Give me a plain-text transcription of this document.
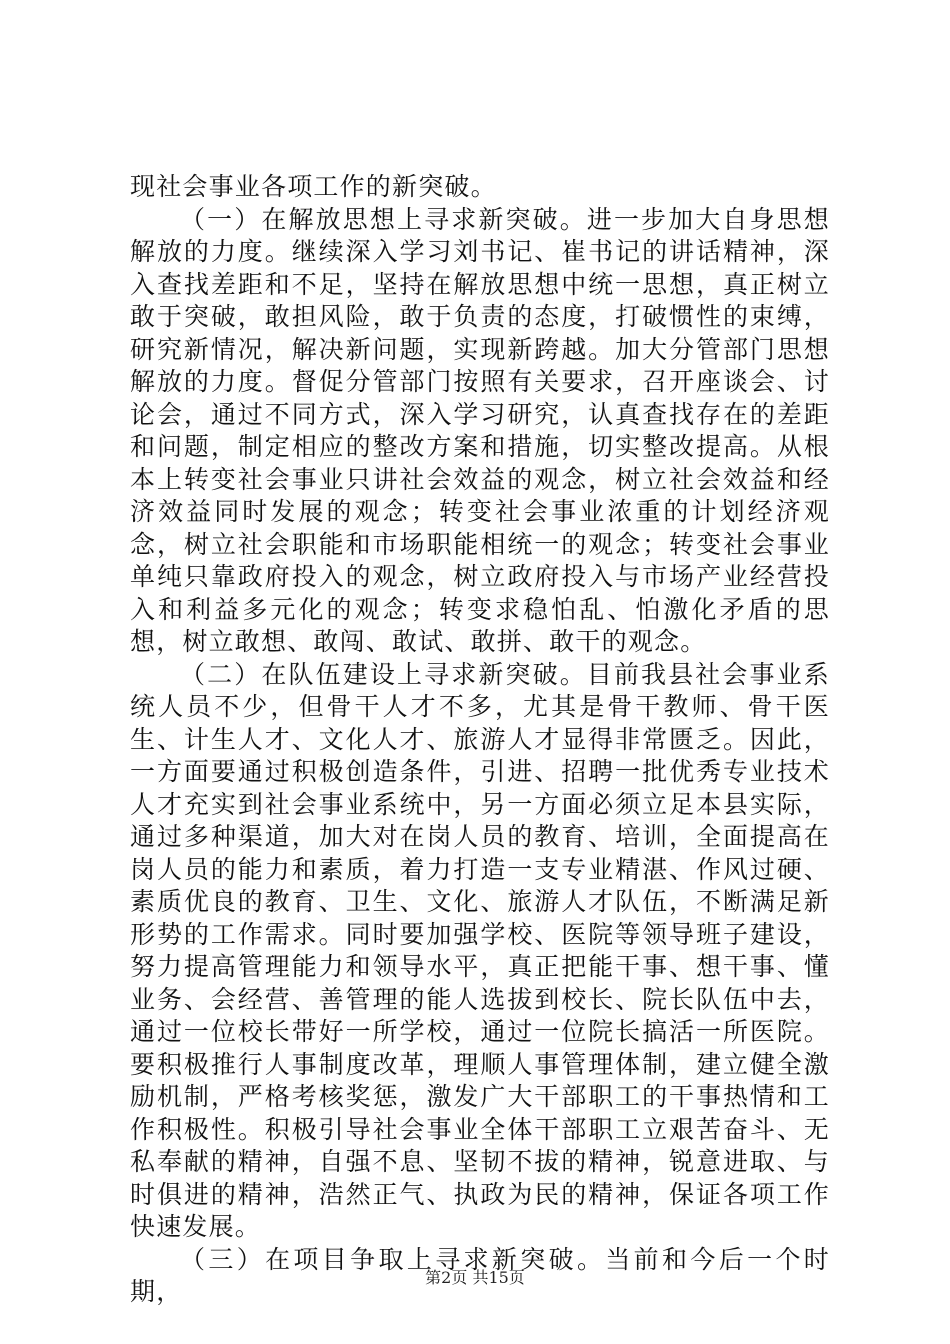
现社会事业各项工作的新突破。

（一）在解放思想上寻求新突破。进一步加大自身思想解放的力度。继续深入学习刘书记、崔书记的讲话精神，深入查找差距和不足，坚持在解放思想中统一思想，真正树立敢于突破，敢担风险，敢于负责的态度，打破惯性的束缚，研究新情况，解决新问题，实现新跨越。加大分管部门思想解放的力度。督促分管部门按照有关要求，召开座谈会、讨论会，通过不同方式，深入学习研究，认真查找存在的差距和问题，制定相应的整改方案和措施，切实整改提高。从根本上转变社会事业只讲社会效益的观念，树立社会效益和经济效益同时发展的观念；转变社会事业浓重的计划经济观念，树立社会职能和市场职能相统一的观念；转变社会事业单纯只靠政府投入的观念，树立政府投入与市场产业经营投入和利益多元化的观念；转变求稳怕乱、怕激化矛盾的思想，树立敢想、敢闯、敢试、敢拼、敢干的观念。

（二）在队伍建设上寻求新突破。目前我县社会事业系统人员不少，但骨干人才不多，尤其是骨干教师、骨干医生、计生人才、文化人才、旅游人才显得非常匮乏。因此，一方面要通过积极创造条件，引进、招聘一批优秀专业技术人才充实到社会事业系统中，另一方面必须立足本县实际，通过多种渠道，加大对在岗人员的教育、培训，全面提高在岗人员的能力和素质，着力打造一支专业精湛、作风过硬、素质优良的教育、卫生、文化、旅游人才队伍，不断满足新形势的工作需求。同时要加强学校、医院等领导班子建设，努力提高管理能力和领导水平，真正把能干事、想干事、懂业务、会经营、善管理的能人选拔到校长、院长队伍中去，通过一位校长带好一所学校，通过一位院长搞活一所医院。要积极推行人事制度改革，理顺人事管理体制，建立健全激励机制，严格考核奖惩，激发广大干部职工的干事热情和工作积极性。积极引导社会事业全体干部职工立艰苦奋斗、无私奉献的精神，自强不息、坚韧不拔的精神，锐意进取、与时俱进的精神，浩然正气、执政为民的精神，保证各项工作快速发展。

（三）在项目争取上寻求新突破。当前和今后一个时期，	第2页 共15页
